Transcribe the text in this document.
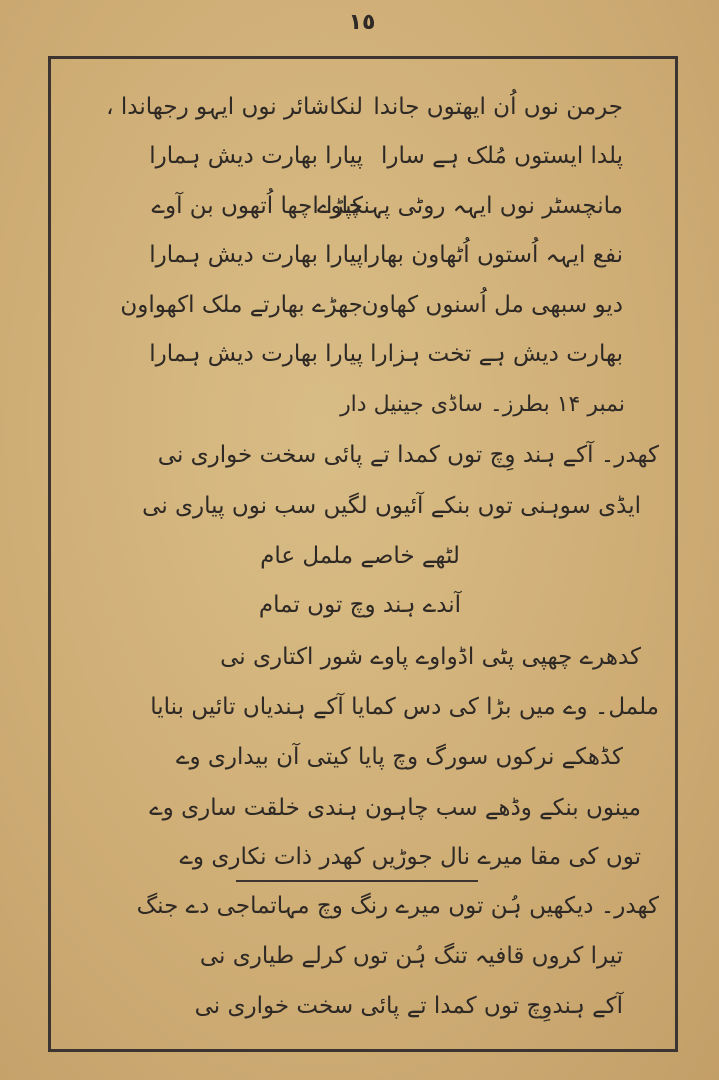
١٥
جرمن نوں اُن ایھتوں جاندا
لنکاشائر نوں ایہو رجھاندا ،
پلدا ایستوں مُلک ہے سارا
پیارا بھارت دیش ہمارا
مانچسٹر نوں ایہہ روٹی پہنچاوے
کپڑا اچھا اُتھوں بن آوے
نفع ایہہ اُستوں اُٹھاون بھارا
پیارا بھارت دیش ہمارا
دیو سبھی مل اُسنوں کھاون
جھڑے بھارتے ملک اکھواون
بھارت دیش ہے تخت ہزارا
پیارا بھارت دیش ہمارا
نمبر ۱۴ بطرز۔ ساڈی جینیل دار
کھدر۔ آکے ہند وِچ توں کمدا تے پائی سخت خواری نی
ایڈی سوہنی توں بنکے آئیوں لگیں سب نوں پیاری نی
لٹھے خاصے ململ عام
آندے ہند وچ توں تمام
کدھرے چھپی پٹی اڈواوے پاوے شور اکتاری نی
ململ۔ وے میں بڑا کی دس کمایا آکے ہندیاں تائیں بنایا
کڈھکے نرکوں سورگ وچ پایا کیتی آن بیداری وے
مینوں بنکے وڈھے سب چاہون ہندی خلقت ساری وے
توں کی مقا میرے نال جوڑیں کھدر ذات نکاری وے
کھدر۔ دیکھیں ہُن توں میرے رنگ وچ مہاتماجی دے جنگ
تیرا کروں قافیہ تنگ ہُن توں کرلے طیاری نی
آکے ہندوِچ توں کمدا تے پائی سخت خواری نی
